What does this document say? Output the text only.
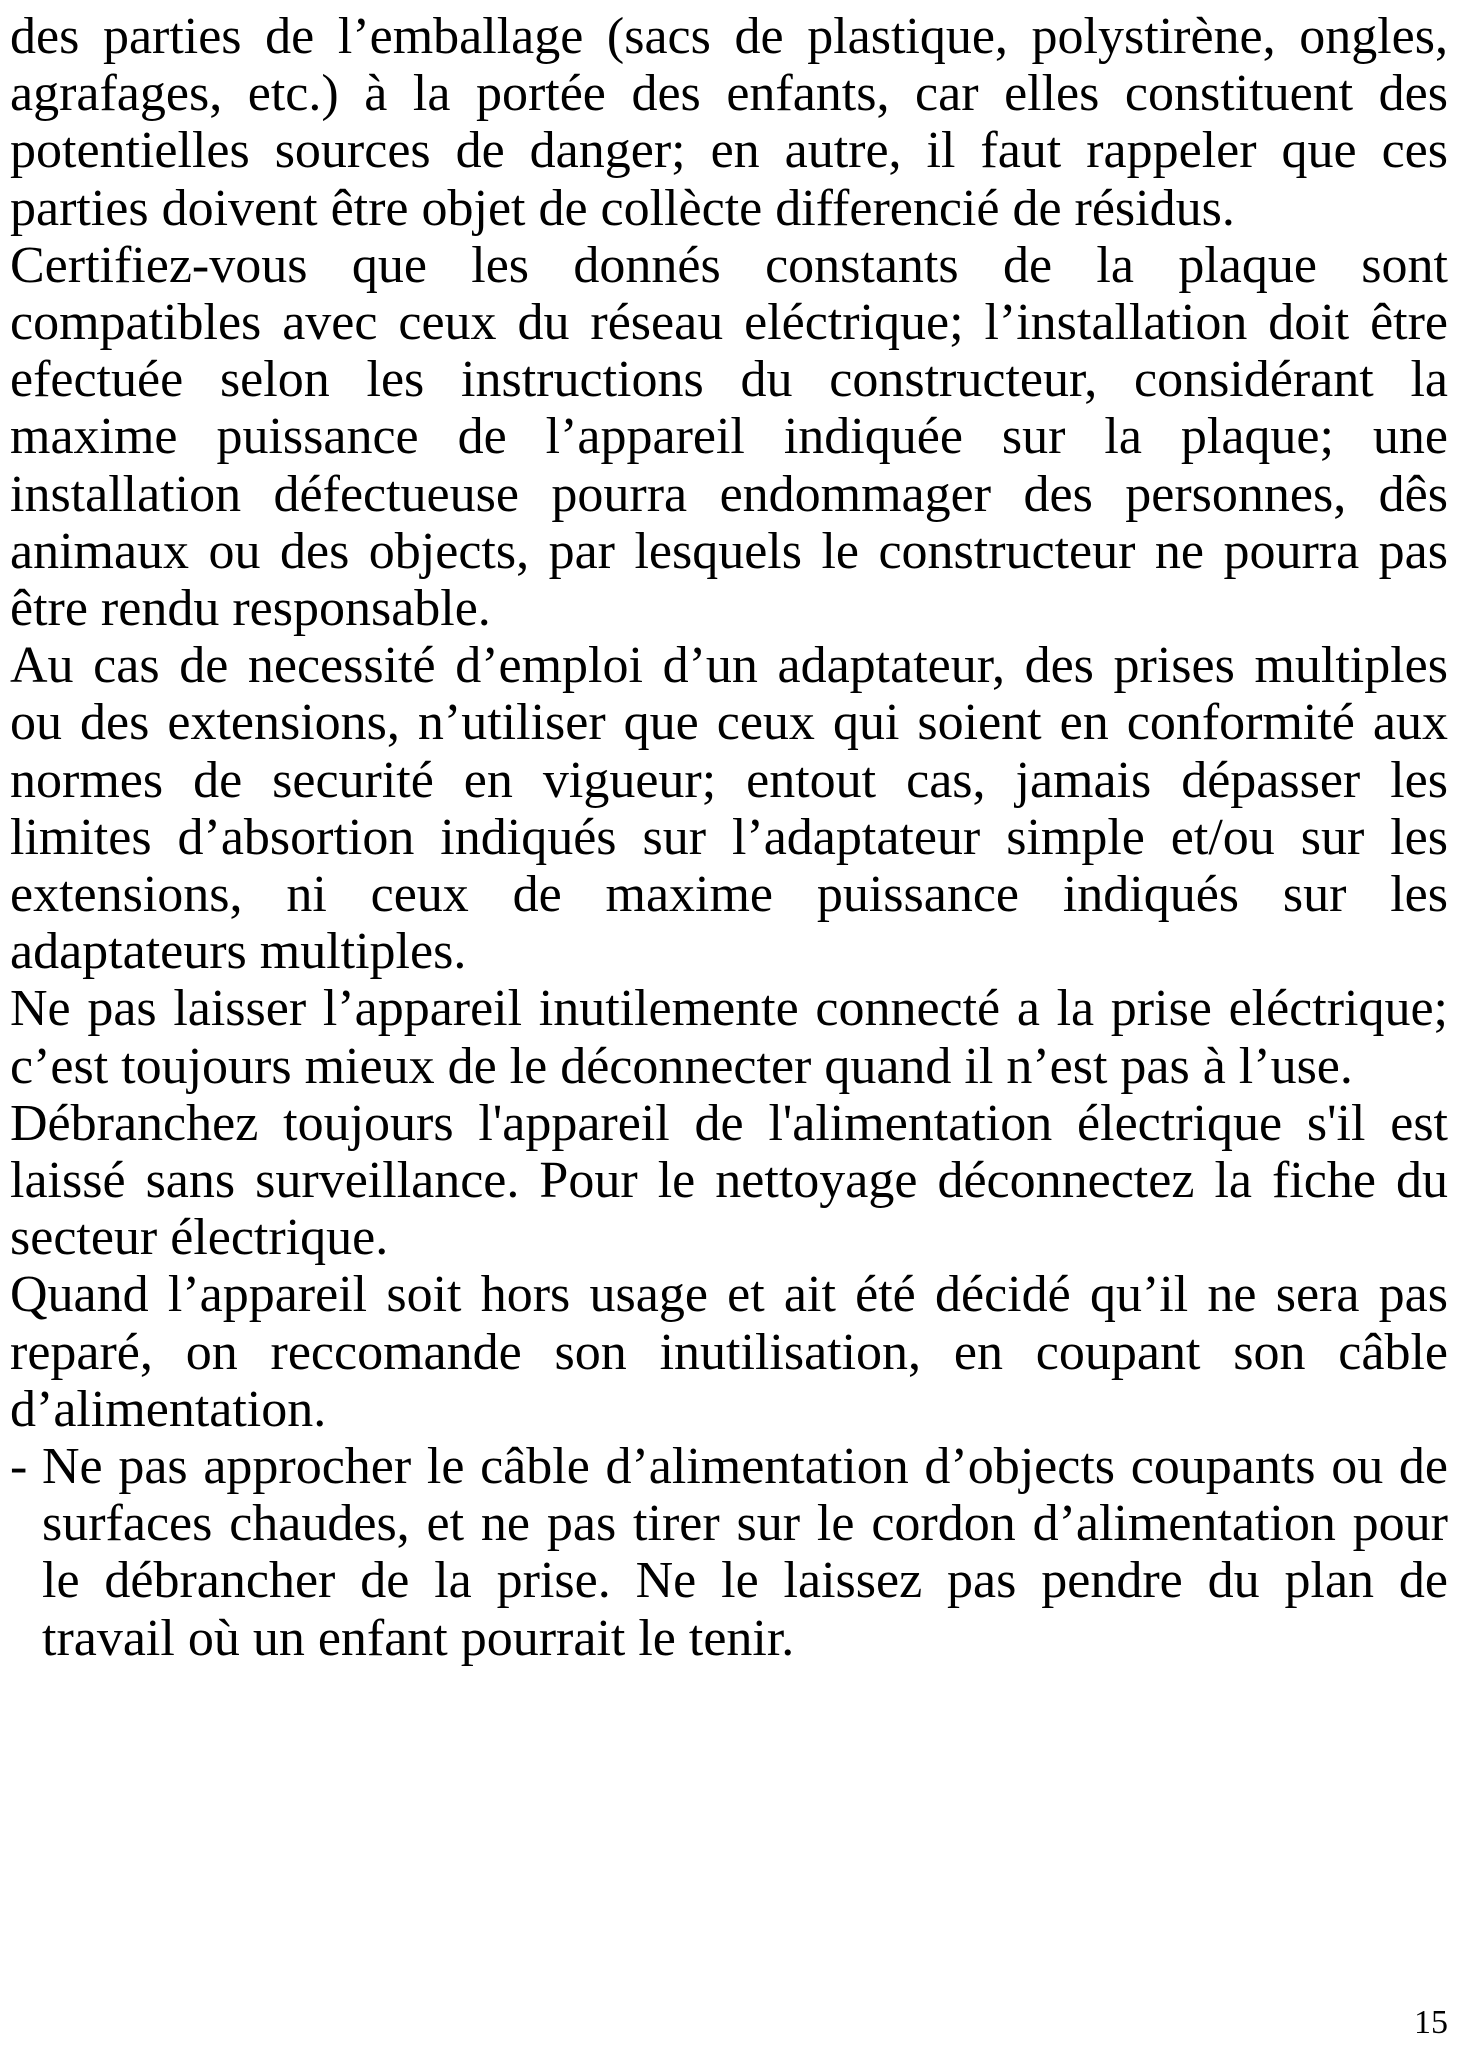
des parties de l’emballage (sacs de plastique, polystirène, ongles, agrafages, etc.) à la portée des enfants, car elles constituent des potentielles sources de danger; en autre, il faut rappeler que ces parties doivent être objet de collècte differencié de résidus.

Certifiez-vous que les donnés constants de la plaque sont compatibles avec ceux du réseau eléctrique; l’installation doit être efectuée selon les instructions du constructeur, considérant la maxime puissance de l’appareil indiquée sur la plaque; une installation défectueuse pourra endommager des personnes, dês animaux ou des objects, par lesquels le constructeur ne pourra pas être rendu responsable.

Au cas de necessité d’emploi d’un adaptateur, des prises multiples ou des extensions, n’utiliser que ceux qui soient en conformité aux normes de securité en vigueur; entout cas, jamais dépasser les limites d’absortion indiqués sur l’adaptateur simple et/ou sur les extensions, ni ceux de maxime puissance indiqués sur les adaptateurs multiples.

Ne pas laisser l’appareil inutilemente connecté a la prise eléctrique; c’est toujours mieux de le déconnecter quand il n’est pas à l’use.

Débranchez toujours l'appareil de l'alimentation électrique s'il est laissé sans surveillance. Pour le nettoyage déconnectez la fiche du secteur électrique.

Quand l’appareil soit hors usage et ait été décidé qu’il ne sera pas reparé, on reccomande son inutilisation, en coupant son câble d’alimentation.

- Ne pas approcher le câble d’alimentation d’objects coupants ou de surfaces chaudes, et ne pas tirer sur le cordon d’alimentation pour le débrancher de la prise. Ne le laissez pas pendre du plan de travail où un enfant pourrait le tenir.
15
